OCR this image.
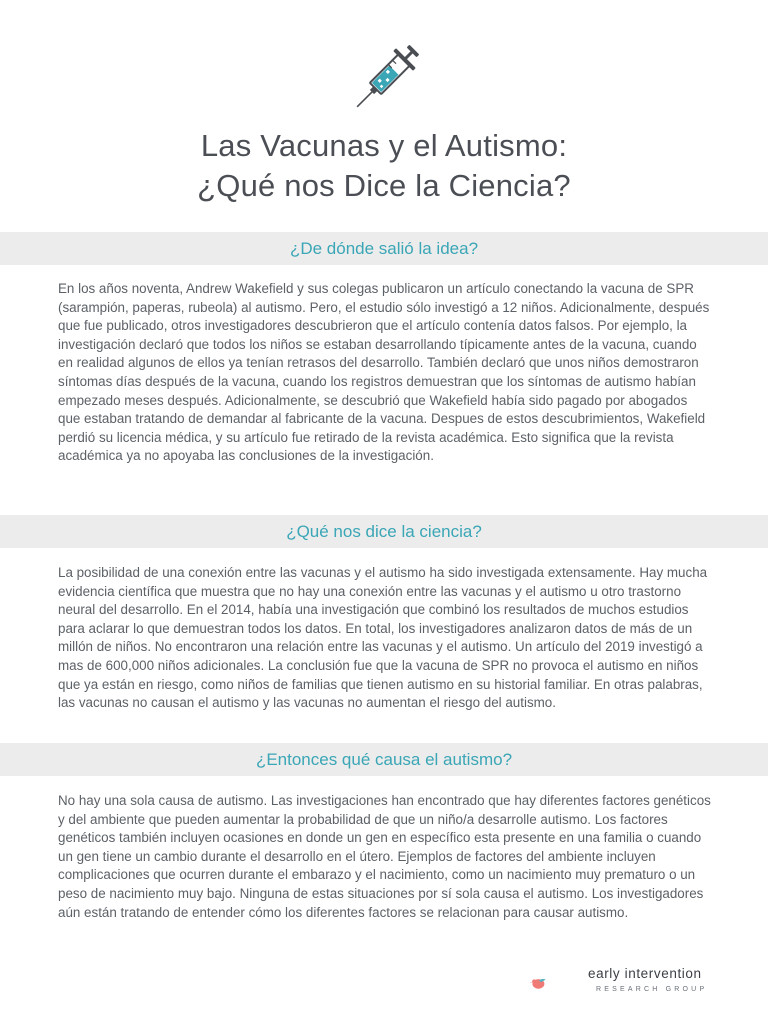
Las Vacunas y el Autismo:
¿Qué nos Dice la Ciencia?
¿De dónde salió la idea?

En los años noventa, Andrew Wakefield y sus colegas publicaron un artículo conectando la vacuna de SPR (sarampión, paperas, rubeola) al autismo. Pero, el estudio sólo investigó a 12 niños. Adicionalmente, después que fue publicado, otros investigadores descubrieron que el artículo contenía datos falsos. Por ejemplo, la investigación declaró que todos los niños se estaban desarrollando típicamente antes de la vacuna, cuando en realidad algunos de ellos ya tenían retrasos del desarrollo. También declaró que unos niños demostraron síntomas días después de la vacuna, cuando los registros demuestran que los síntomas de autismo habían empezado meses después. Adicionalmente, se descubrió que Wakefield había sido pagado por abogados que estaban tratando de demandar al fabricante de la vacuna. Despues de estos descubrimientos, Wakefield perdió su licencia médica, y su artículo fue retirado de la revista académica. Esto significa que la revista académica ya no apoyaba las conclusiones de la investigación.

¿Qué nos dice la ciencia?

La posibilidad de una conexión entre las vacunas y el autismo ha sido investigada extensamente. Hay mucha evidencia científica que muestra que no hay una conexión entre las vacunas y el autismo u otro trastorno neural del desarrollo. En el 2014, había una investigación que combinó los resultados de muchos estudios para aclarar lo que demuestran todos los datos. En total, los investigadores analizaron datos de más de un millón de niños. No encontraron una relación entre las vacunas y el autismo. Un artículo del 2019 investigó a mas de 600,000 niños adicionales. La conclusión fue que la vacuna de SPR no provoca el autismo en niños que ya están en riesgo, como niños de familias que tienen autismo en su historial familiar. En otras palabras, las vacunas no causan el autismo y las vacunas no aumentan el riesgo del autismo.

¿Entonces qué causa el autismo?

No hay una sola causa de autismo. Las investigaciones han encontrado que hay diferentes factores genéticos y del ambiente que pueden aumentar la probabilidad de que un niño/a desarrolle autismo. Los factores genéticos también incluyen ocasiones en donde un gen en específico esta presente en una familia o cuando un gen tiene un cambio durante el desarrollo en el útero. Ejemplos de factores del ambiente incluyen complicaciones que ocurren durante el embarazo y el nacimiento, como un nacimiento muy prematuro o un peso de nacimiento muy bajo. Ninguna de estas situaciones por sí sola causa el autismo. Los investigadores aún están tratando de entender cómo los diferentes factores se relacionan para causar autismo.

early intervention
RESEARCH GROUP
